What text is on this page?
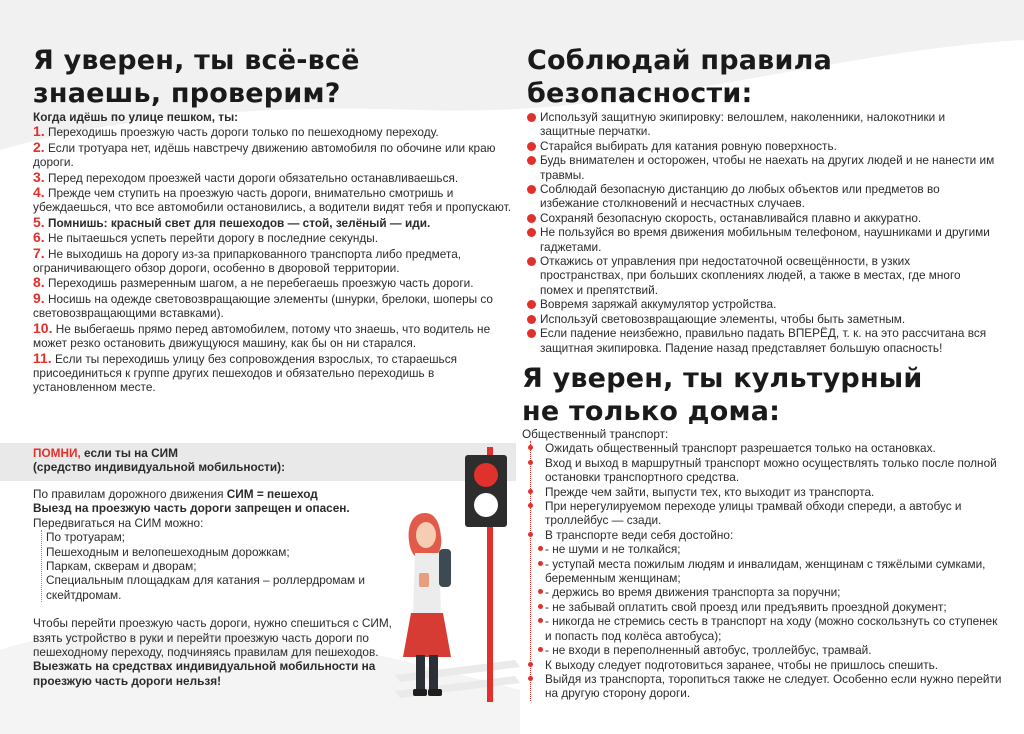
Я уверен, ты всё-всё
знаешь, проверим?
Когда идёшь по улице пешком, ты:
1. Переходишь проезжую часть дороги только по пешеходному переходу.
2. Если тротуара нет, идёшь навстречу движению автомобиля по обочине или краю дороги.
3. Перед переходом проезжей части дороги обязательно останавливаешься.
4. Прежде чем ступить на проезжую часть дороги, внимательно смотришь и убеждаешься, что все автомобили остановились, а водители видят тебя и пропускают.
5. Помнишь: красный свет для пешеходов — стой, зелёный — иди.
6. Не пытаешься успеть перейти дорогу в последние секунды.
7. Не выходишь на дорогу из-за припаркованного транспорта либо предмета, ограничивающего обзор дороги, особенно в дворовой территории.
8. Переходишь размеренным шагом, а не перебегаешь проезжую часть дороги.
9. Носишь на одежде световозвращающие элементы (шнурки, брелоки, шоперы со световозвращающими вставками).
10. Не выбегаешь прямо перед автомобилем, потому что знаешь, что водитель не может резко остановить движущуюся машину, как бы он ни старался.
11. Если ты переходишь улицу без сопровождения взрослых, то стараешься присоединиться к группе других пешеходов и обязательно переходишь в установленном месте.
ПОМНИ, если ты на СИМ
(средство индивидуальной мобильности):
По правилам дорожного движения СИМ = пешеход
Выезд на проезжую часть дороги запрещен и опасен.
Передвигаться на СИМ можно:
По тротуарам;
Пешеходным и велопешеходным дорожкам;
Паркам, скверам и дворам;
Специальным площадкам для катания – роллердромам и скейтдромам.
Чтобы перейти проезжую часть дороги, нужно спешиться с СИМ, взять устройство в руки и перейти проезжую часть дороги по пешеходному переходу, подчиняясь правилам для пешеходов.
Выезжать на средствах индивидуальной мобильности на проезжую часть дороги нельзя!
Соблюдай правила
безопасности:
Используй защитную экипировку: велошлем, наколенники, налокотники и защитные перчатки.
Старайся выбирать для катания ровную поверхность.
Будь внимателен и осторожен, чтобы не наехать на других людей и не нанести им травмы.
Соблюдай безопасную дистанцию до любых объектов или предметов во избежание столкновений и несчастных случаев.
Сохраняй безопасную скорость, останавливайся плавно и аккуратно.
Не пользуйся во время движения мобильным телефоном, наушниками и другими гаджетами.
Откажись от управления при недостаточной освещённости, в узких пространствах, при больших скоплениях людей, а также в местах, где много помех и препятствий.
Вовремя заряжай аккумулятор устройства.
Используй световозвращающие элементы, чтобы быть заметным.
Если падение неизбежно, правильно падать ВПЕРЁД, т. к. на это рассчитана вся защитная экипировка. Падение назад представляет большую опасность!
Я уверен, ты культурный
не только дома:
Общественный транспорт:
Ожидать общественный транспорт разрешается только на остановках.
Вход и выход в маршрутный транспорт можно осуществлять только после полной остановки транспортного средства.
Прежде чем зайти, выпусти тех, кто выходит из транспорта.
При нерегулируемом переходе улицы трамвай обходи спереди, а автобус и троллейбус — сзади.
В транспорте веди себя достойно:
- не шуми и не толкайся;
- уступай места пожилым людям и инвалидам, женщинам с тяжёлыми сумками, беременным женщинам;
- держись во время движения транспорта за поручни;
- не забывай оплатить свой проезд или предъявить проездной документ;
- никогда не стремись сесть в транспорт на ходу (можно соскользнуть со ступенек и попасть под колёса автобуса);
- не входи в переполненный автобус, троллейбус, трамвай.
К выходу следует подготовиться заранее, чтобы не пришлось спешить.
Выйдя из транспорта, торопиться также не следует. Особенно если нужно перейти на другую сторону дороги.
